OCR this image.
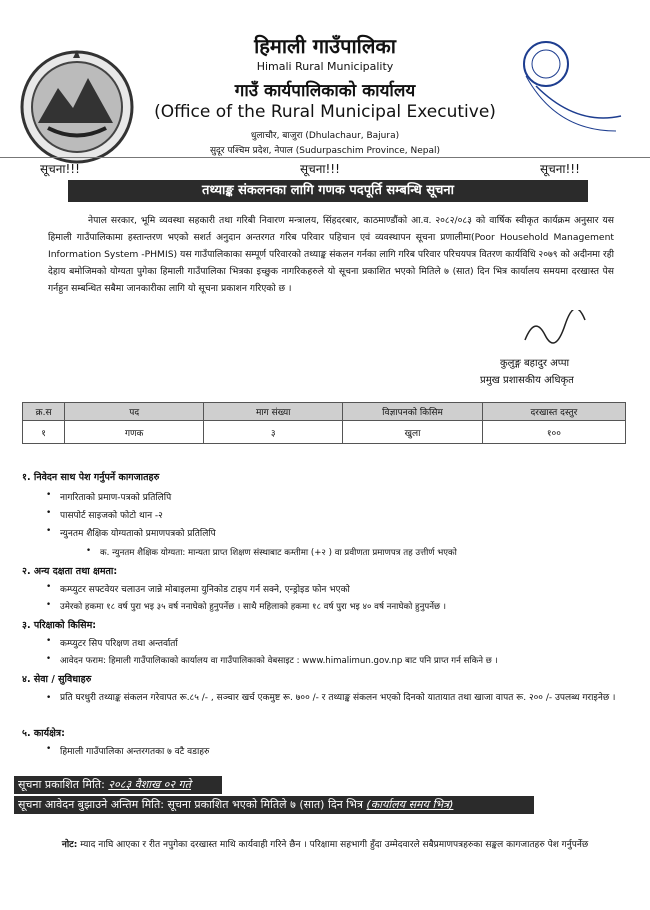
हिमाली गाउँपालिका
Himali Rural Municipality
गाउँ कार्यपालिकाको कार्यालय
(Office of the Rural Municipal Executive)
धुलाचौर, बाजुरा (Dhulachaur, Bajura)
सुदूर पश्चिम प्रदेश, नेपाल (Sudurpaschim Province, Nepal)
सूचना!!!	सूचना!!!	सूचना!!!
तथ्याङ्क संकलनका लागि गणक पदपूर्ति सम्बन्धि सूचना
नेपाल सरकार, भूमि व्यवस्था सहकारी तथा गरिबी निवारण मन्त्रालय, सिंहदरबार, काठमाण्डौंको आ.व. २०८२/०८३ को वार्षिक स्वीकृत कार्यक्रम अनुसार यस हिमाली गाउँपालिकामा हस्तान्तरण भएको सशर्त अनुदान अन्तरगत गरिब परिवार पहिचान एवं व्यवस्थापन सूचना प्रणालीमा(Poor Household Management Information System -PHMIS) यस गाउँपालिकाका सम्पूर्ण परिवारको तथ्याङ्क संकलन गर्नका लागि गरिब परिवार परिचयपत्र वितरण कार्यविधि २०७९ को अदीनमा रही देहाय बमोजिमको योग्यता पुगेका हिमाली गाउँपालिका भित्रका इच्छुक नागरिकहरुले यो सूचना प्रकाशित भएको मितिले ७ (सात) दिन भित्र कार्यालय समयमा दरखास्त पेस गर्नहुन सम्बन्धित सबैमा जानकारीका लागि यो सूचना प्रकाशन गरिएको छ ।
कुलुङ्ग बहादुर अप्पा
प्रमुख प्रशासकीय अधिकृत
क्र.स	पद	माग संख्या	विज्ञापनको किसिम	दरखास्त दस्तुर
१	गणक	३	खुला	१००
१. निवेदन साथ पेश गर्नुपर्ने कागजातहरु
• नागरिताको प्रमाण-पत्रको प्रतिलिपि
• पासपोर्ट साइजको फोटो थान -२
• न्युनतम शैक्षिक योग्यताको प्रमाणपत्रको प्रतिलिपि
• क. न्युनतम शैक्षिक योग्यता: मान्यता प्राप्त शिक्षण संस्थाबाट कम्तीमा (+२ ) वा प्रवीणता प्रमाणपत्र तह उत्तीर्ण भएको
२. अन्य दक्षता तथा क्षमता:
• कम्प्युटर सफ्टवेयर चलाउन जान्ने मोबाइलमा युनिकोड टाइप गर्न सक्ने, एन्ड्रोइड फोन भएको
• उमेरको हकमा १८ वर्ष पुरा भइ ३५ वर्ष ननाघेको हुनुपर्नेछ । साथै महिलाको हकमा १८ वर्ष पुरा भइ ४० वर्ष ननाघेको हुनुपर्नेछ ।
३. परिक्षाको किसिम:
• कम्प्युटर सिप परिक्षण तथा अन्तर्वार्ता
• आवेदन फराम: हिमाली गाउँपालिकाको कार्यालय वा गाउँपालिकाको वेबसाइट : www.himalimun.gov.np बाट पनि प्राप्त गर्न सकिने छ ।
४. सेवा / सुविधाहरु
• प्रति घरधुरी तथ्याङ्क संकलन गरेवापत रू.८५ /- , सञ्चार खर्च एकमुष्ट रू. ७०० /- र तथ्याङ्क संकलन भएको दिनको यातायात तथा खाजा वापत रू. २०० /- उपलब्ध गराइनेछ ।
५. कार्यक्षेत्र:
• हिमाली गाउँपालिका अन्तरगतका ७ वटै वडाहरु
सूचना प्रकाशित मिति: २०८३ वैशाख ०२ गते
सूचना आवेदन बुझाउने अन्तिम मिति: सूचना प्रकाशित भएको मितिले ७ (सात) दिन भित्र (कार्यालय समय भित्र)
नोट: म्याद नाघि आएका र रीत नपुगेका दरखास्त माथि कार्यवाही गरिने छैन । परिक्षामा सहभागी हुँदा उम्मेदवारले सबैप्रमाणपत्रहरुका सङ्कल कागजातहरु पेश गर्नुपर्नेछ
